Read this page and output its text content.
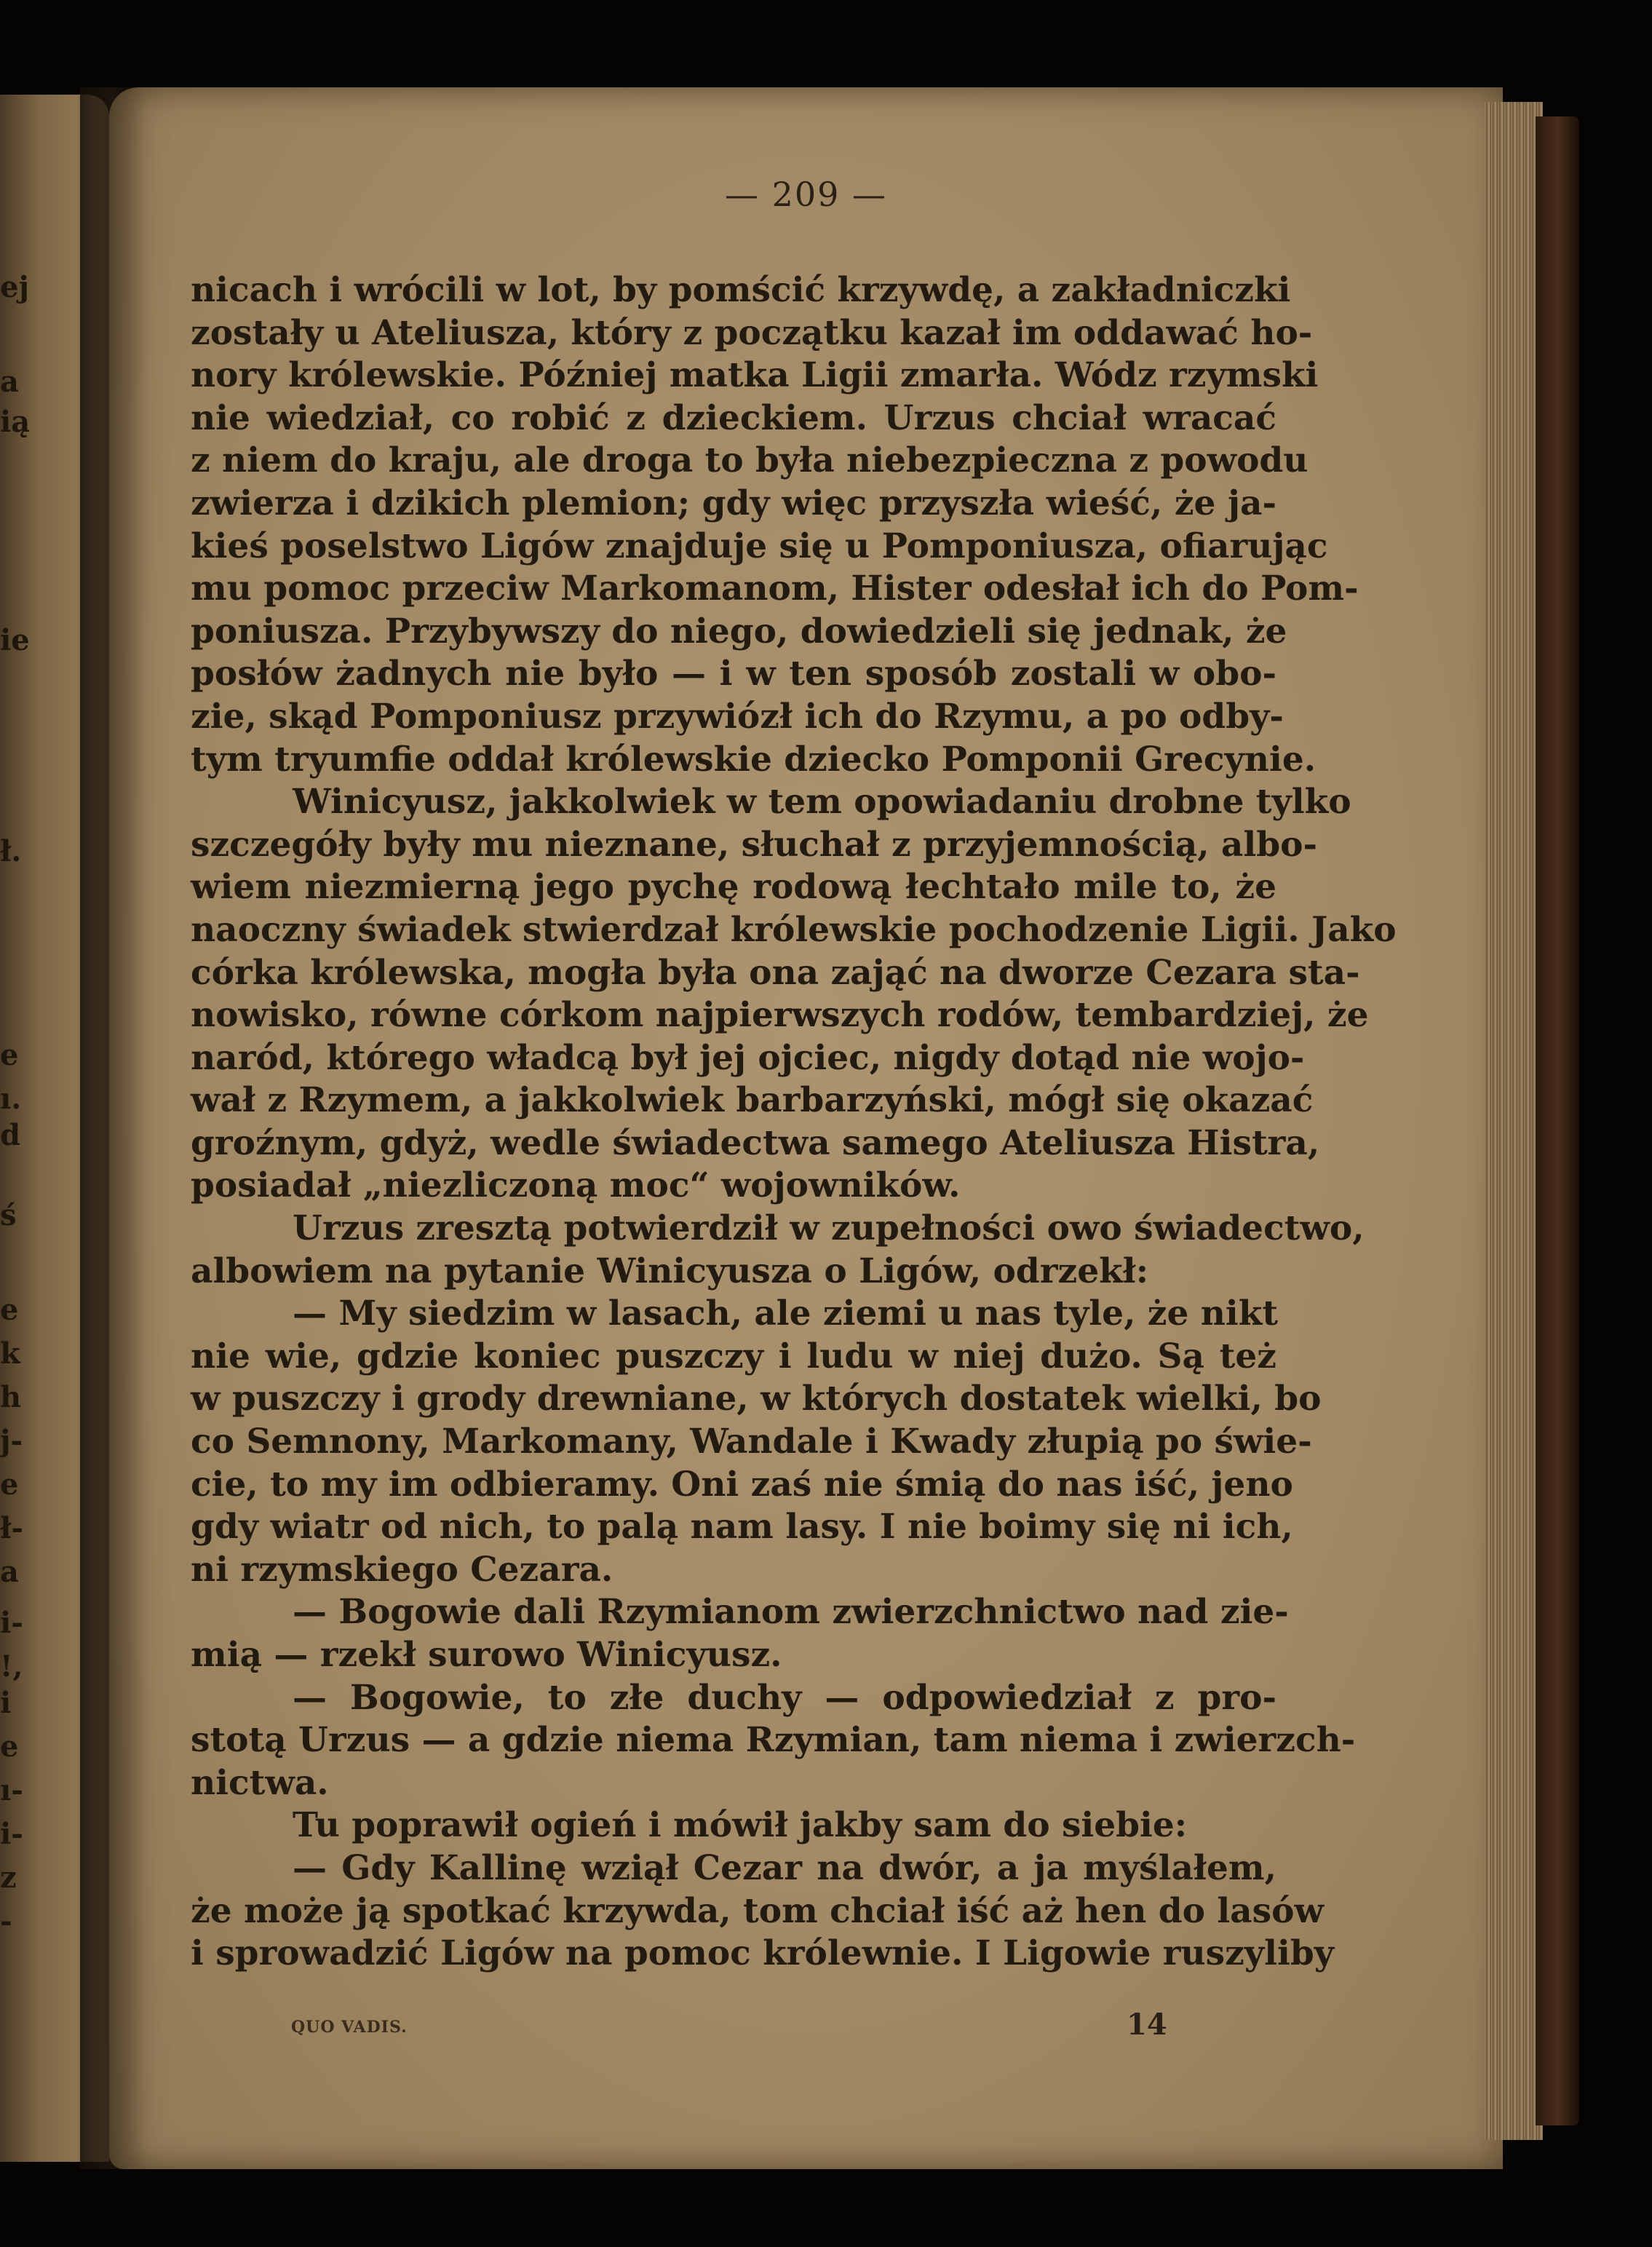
— 209 —
nicach i wrócili w lot, by pomścić krzywdę, a zakładniczki
zostały u Ateliusza, który z początku kazał im oddawać ho-
nory królewskie. Później matka Ligii zmarła. Wódz rzymski
nie wiedział, co robić z dzieckiem. Urzus chciał wracać
z niem do kraju, ale droga to była niebezpieczna z powodu
zwierza i dzikich plemion; gdy więc przyszła wieść, że ja-
kieś poselstwo Ligów znajduje się u Pomponiusza, ofiarując
mu pomoc przeciw Markomanom, Hister odesłał ich do Pom-
poniusza. Przybywszy do niego, dowiedzieli się jednak, że
posłów żadnych nie było — i w ten sposób zostali w obo-
zie, skąd Pomponiusz przywiózł ich do Rzymu, a po odby-
tym tryumfie oddał królewskie dziecko Pomponii Grecynie.
Winicyusz, jakkolwiek w tem opowiadaniu drobne tylko
szczegóły były mu nieznane, słuchał z przyjemnością, albo-
wiem niezmierną jego pychę rodową łechtało mile to, że
naoczny świadek stwierdzał królewskie pochodzenie Ligii. Jako
córka królewska, mogła była ona zająć na dworze Cezara sta-
nowisko, równe córkom najpierwszych rodów, tembardziej, że
naród, którego władcą był jej ojciec, nigdy dotąd nie wojo-
wał z Rzymem, a jakkolwiek barbarzyński, mógł się okazać
groźnym, gdyż, wedle świadectwa samego Ateliusza Histra,
posiadał „niezliczoną moc“ wojowników.
Urzus zresztą potwierdził w zupełności owo świadectwo,
albowiem na pytanie Winicyusza o Ligów, odrzekł:
— My siedzim w lasach, ale ziemi u nas tyle, że nikt
nie wie, gdzie koniec puszczy i ludu w niej dużo. Są też
w puszczy i grody drewniane, w których dostatek wielki, bo
co Semnony, Markomany, Wandale i Kwady złupią po świe-
cie, to my im odbieramy. Oni zaś nie śmią do nas iść, jeno
gdy wiatr od nich, to palą nam lasy. I nie boimy się ni ich,
ni rzymskiego Cezara.
— Bogowie dali Rzymianom zwierzchnictwo nad zie-
mią — rzekł surowo Winicyusz.
— Bogowie, to złe duchy — odpowiedział z pro-
stotą Urzus — a gdzie niema Rzymian, tam niema i zwierzch-
nictwa.
Tu poprawił ogień i mówił jakby sam do siebie:
— Gdy Kallinę wziął Cezar na dwór, a ja myślałem,
że może ją spotkać krzywda, tom chciał iść aż hen do lasów
i sprowadzić Ligów na pomoc królewnie. I Ligowie ruszyliby
QUO VADIS.	14
ej
a
ią
ie
ł.
e
ı.
d
ś
e
k
h
j-
e
ł-
a
i-
!,
i
e
ı-
i-
z
-
